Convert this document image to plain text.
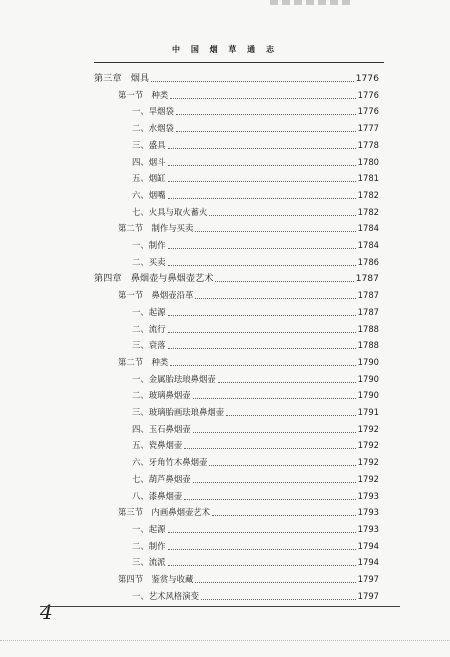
中 国 烟 草 通 志
第三章　烟具	1776
第一节　种类	1776
一、旱烟袋	1776
二、水烟袋	1777
三、盛具	1778
四、烟斗	1780
五、烟缸	1781
六、烟嘴	1782
七、火具与取火蓄火	1782
第二节　制作与买卖	1784
一、制作	1784
二、买卖	1786
第四章　鼻烟壶与鼻烟壶艺术	1787
第一节　鼻烟壶沿革	1787
一、起源	1787
二、流行	1788
三、衰落	1788
第二节　种类	1790
一、金属胎珐琅鼻烟壶	1790
二、玻璃鼻烟壶	1790
三、玻璃胎画珐琅鼻烟壶	1791
四、玉石鼻烟壶	1792
五、瓷鼻烟壶	1792
六、牙角竹木鼻烟壶	1792
七、葫芦鼻烟壶	1792
八、漆鼻烟壶	1793
第三节　内画鼻烟壶艺术	1793
一、起源	1793
二、制作	1794
三、流派	1794
第四节　鉴赏与收藏	1797
一、艺术风格演变	1797
4
